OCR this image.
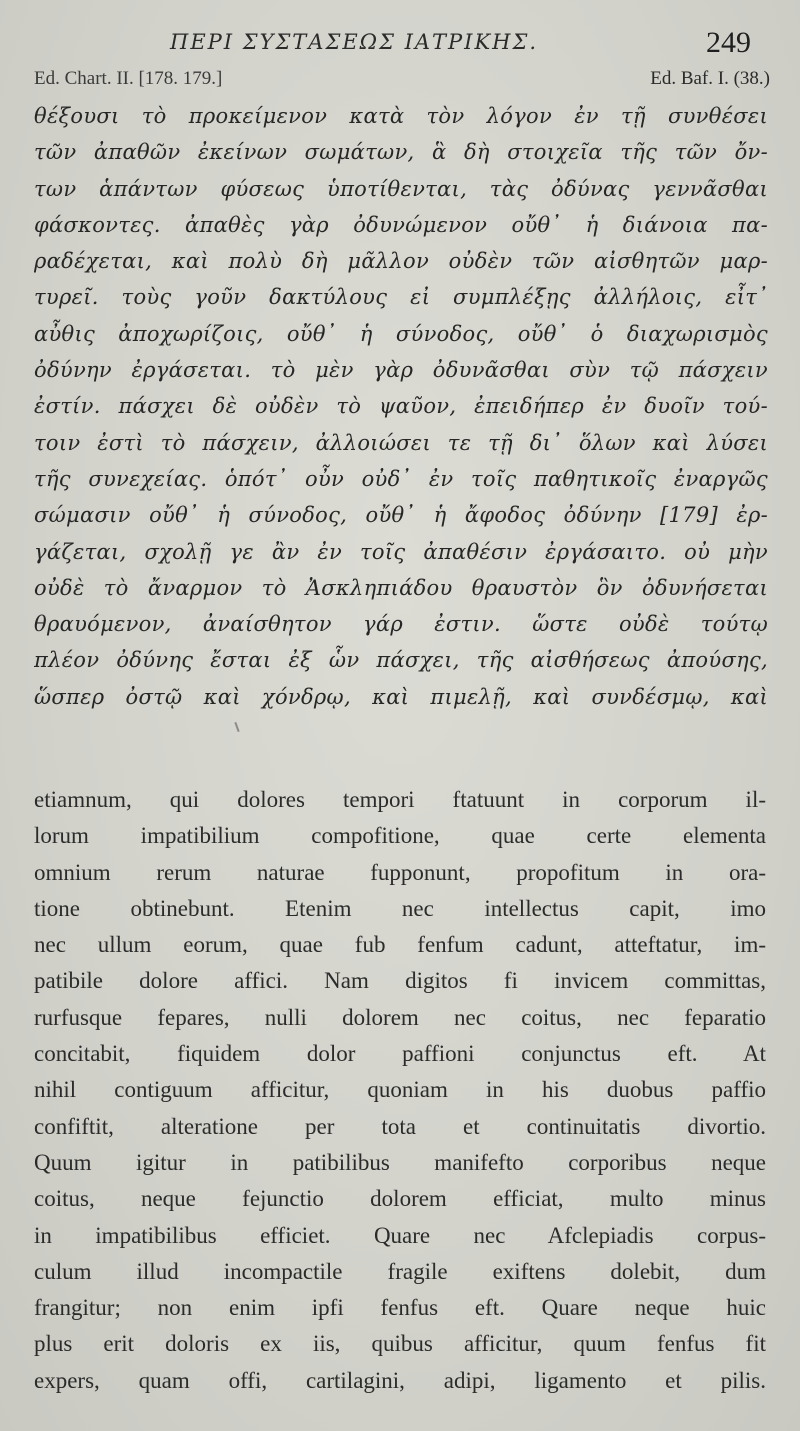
ΠΕΡΙ ΣΥΣΤΑΣΕΩΣ ΙΑΤΡΙΚΗΣ.	249
Ed. Chart. II. [178. 179.]	Ed. Baf. I. (38.)
θέξουσι τὸ προκείμενον κατὰ τὸν λόγον ἐν τῇ συνθέσει
τῶν ἀπαθῶν ἐκείνων σωμάτων, ἃ δὴ στοιχεῖα τῆς τῶν ὄν-
των ἁπάντων φύσεως ὑποτίθενται, τὰς ὀδύνας γεννᾶσθαι
φάσκοντες. ἀπαθὲς γὰρ ὀδυνώμενον οὔθ᾽ ἡ διάνοια πα-
ραδέχεται, καὶ πολὺ δὴ μᾶλλον οὐδὲν τῶν αἰσθητῶν μαρ-
τυρεῖ. τοὺς γοῦν δακτύλους εἰ συμπλέξῃς ἀλλήλοις, εἶτ᾽
αὖθις ἀποχωρίζοις, οὔθ᾽ ἡ σύνοδος, οὔθ᾽ ὁ διαχωρισμὸς
ὀδύνην ἐργάσεται. τὸ μὲν γὰρ ὀδυνᾶσθαι σὺν τῷ πάσχειν
ἐστίν. πάσχει δὲ οὐδὲν τὸ ψαῦον, ἐπειδήπερ ἐν δυοῖν τού-
τοιν ἐστὶ τὸ πάσχειν, ἀλλοιώσει τε τῇ δι᾽ ὅλων καὶ λύσει
τῆς συνεχείας. ὁπότ᾽ οὖν οὐδ᾽ ἐν τοῖς παθητικοῖς ἐναργῶς
σώμασιν οὔθ᾽ ἡ σύνοδος, οὔθ᾽ ἡ ἄφοδος ὀδύνην [179] ἐρ-
γάζεται, σχολῇ γε ἂν ἐν τοῖς ἀπαθέσιν ἐργάσαιτο. οὐ μὴν
οὐδὲ τὸ ἄναρμον τὸ Ἀσκληπιάδου θραυστὸν ὃν ὀδυνήσεται
θραυόμενον, ἀναίσθητον γάρ ἐστιν. ὥστε οὐδὲ τούτῳ
πλέον ὀδύνης ἔσται ἐξ ὧν πάσχει, τῆς αἰσθήσεως ἀπούσης,
ὥσπερ ὀστῷ καὶ χόνδρῳ, καὶ πιμελῇ, καὶ συνδέσμῳ, καὶ
etiamnum, qui dolores tempori ftatuunt in corporum il-
lorum impatibilium compofitione, quae certe elementa
omnium rerum naturae fupponunt, propofitum in ora-
tione obtinebunt. Etenim nec intellectus capit, imo
nec ullum eorum, quae fub fenfum cadunt, atteftatur, im-
patibile dolore affici. Nam digitos fi invicem committas,
rurfusque fepares, nulli dolorem nec coitus, nec feparatio
concitabit, fiquidem dolor paffioni conjunctus eft. At
nihil contiguum afficitur, quoniam in his duobus paffio
confiftit, alteratione per tota et continuitatis divortio.
Quum igitur in patibilibus manifefto corporibus neque
coitus, neque fejunctio dolorem efficiat, multo minus
in impatibilibus efficiet. Quare nec Afclepiadis corpus-
culum illud incompactile fragile exiftens dolebit, dum
frangitur; non enim ipfi fenfus eft. Quare neque huic
plus erit doloris ex iis, quibus afficitur, quum fenfus fit
expers, quam offi, cartilagini, adipi, ligamento et pilis.
